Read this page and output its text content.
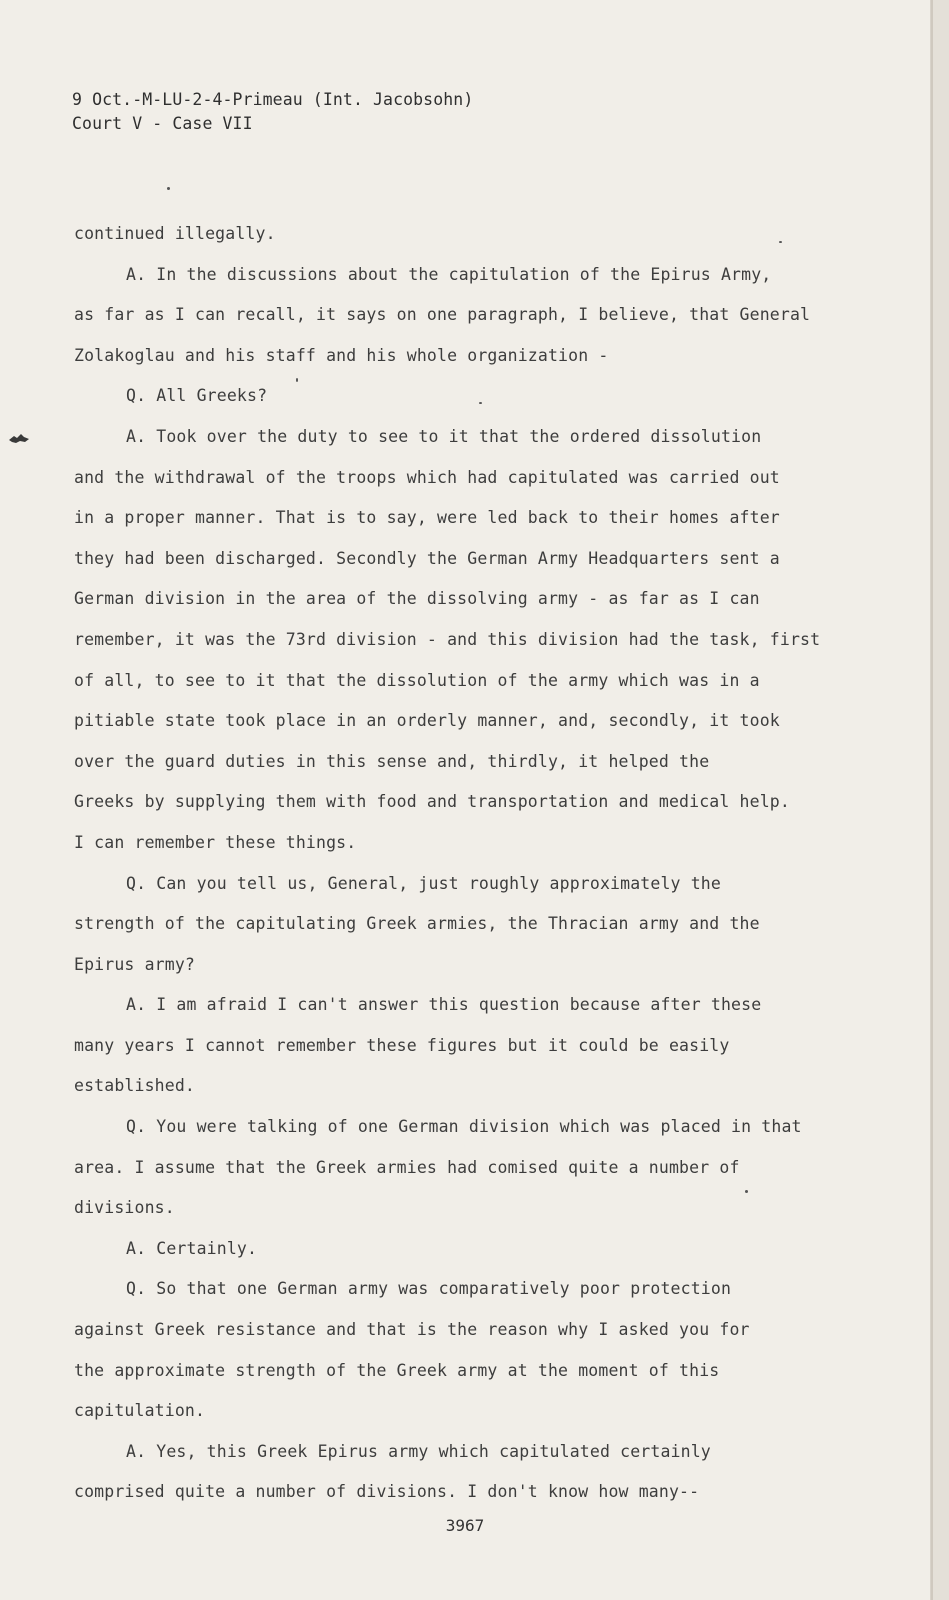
9 Oct.-M-LU-2-4-Primeau (Int. Jacobsohn)
Court V - Case VII
continued illegally.
A. In the discussions about the capitulation of the Epirus Army,
as far as I can recall, it says on one paragraph, I believe, that General
Zolakoglau and his staff and his whole organization -
Q. All Greeks?
A. Took over the duty to see to it that the ordered dissolution
and the withdrawal of the troops which had capitulated was carried out
in a proper manner. That is to say, were led back to their homes after
they had been discharged. Secondly the German Army Headquarters sent a
German division in the area of the dissolving army - as far as I can
remember, it was the 73rd division - and this division had the task, first
of all, to see to it that the dissolution of the army which was in a
pitiable state took place in an orderly manner, and, secondly, it took
over the guard duties in this sense and, thirdly, it helped the
Greeks by supplying them with food and transportation and medical help.
I can remember these things.
Q. Can you tell us, General, just roughly approximately the
strength of the capitulating Greek armies, the Thracian army and the
Epirus army?
A. I am afraid I can't answer this question because after these
many years I cannot remember these figures but it could be easily
established.
Q. You were talking of one German division which was placed in that
area. I assume that the Greek armies had comised quite a number of
divisions.
A. Certainly.
Q. So that one German army was comparatively poor protection
against Greek resistance and that is the reason why I asked you for
the approximate strength of the Greek army at the moment of this
capitulation.
A. Yes, this Greek Epirus army which capitulated certainly
comprised quite a number of divisions. I don't know how many--
3967
